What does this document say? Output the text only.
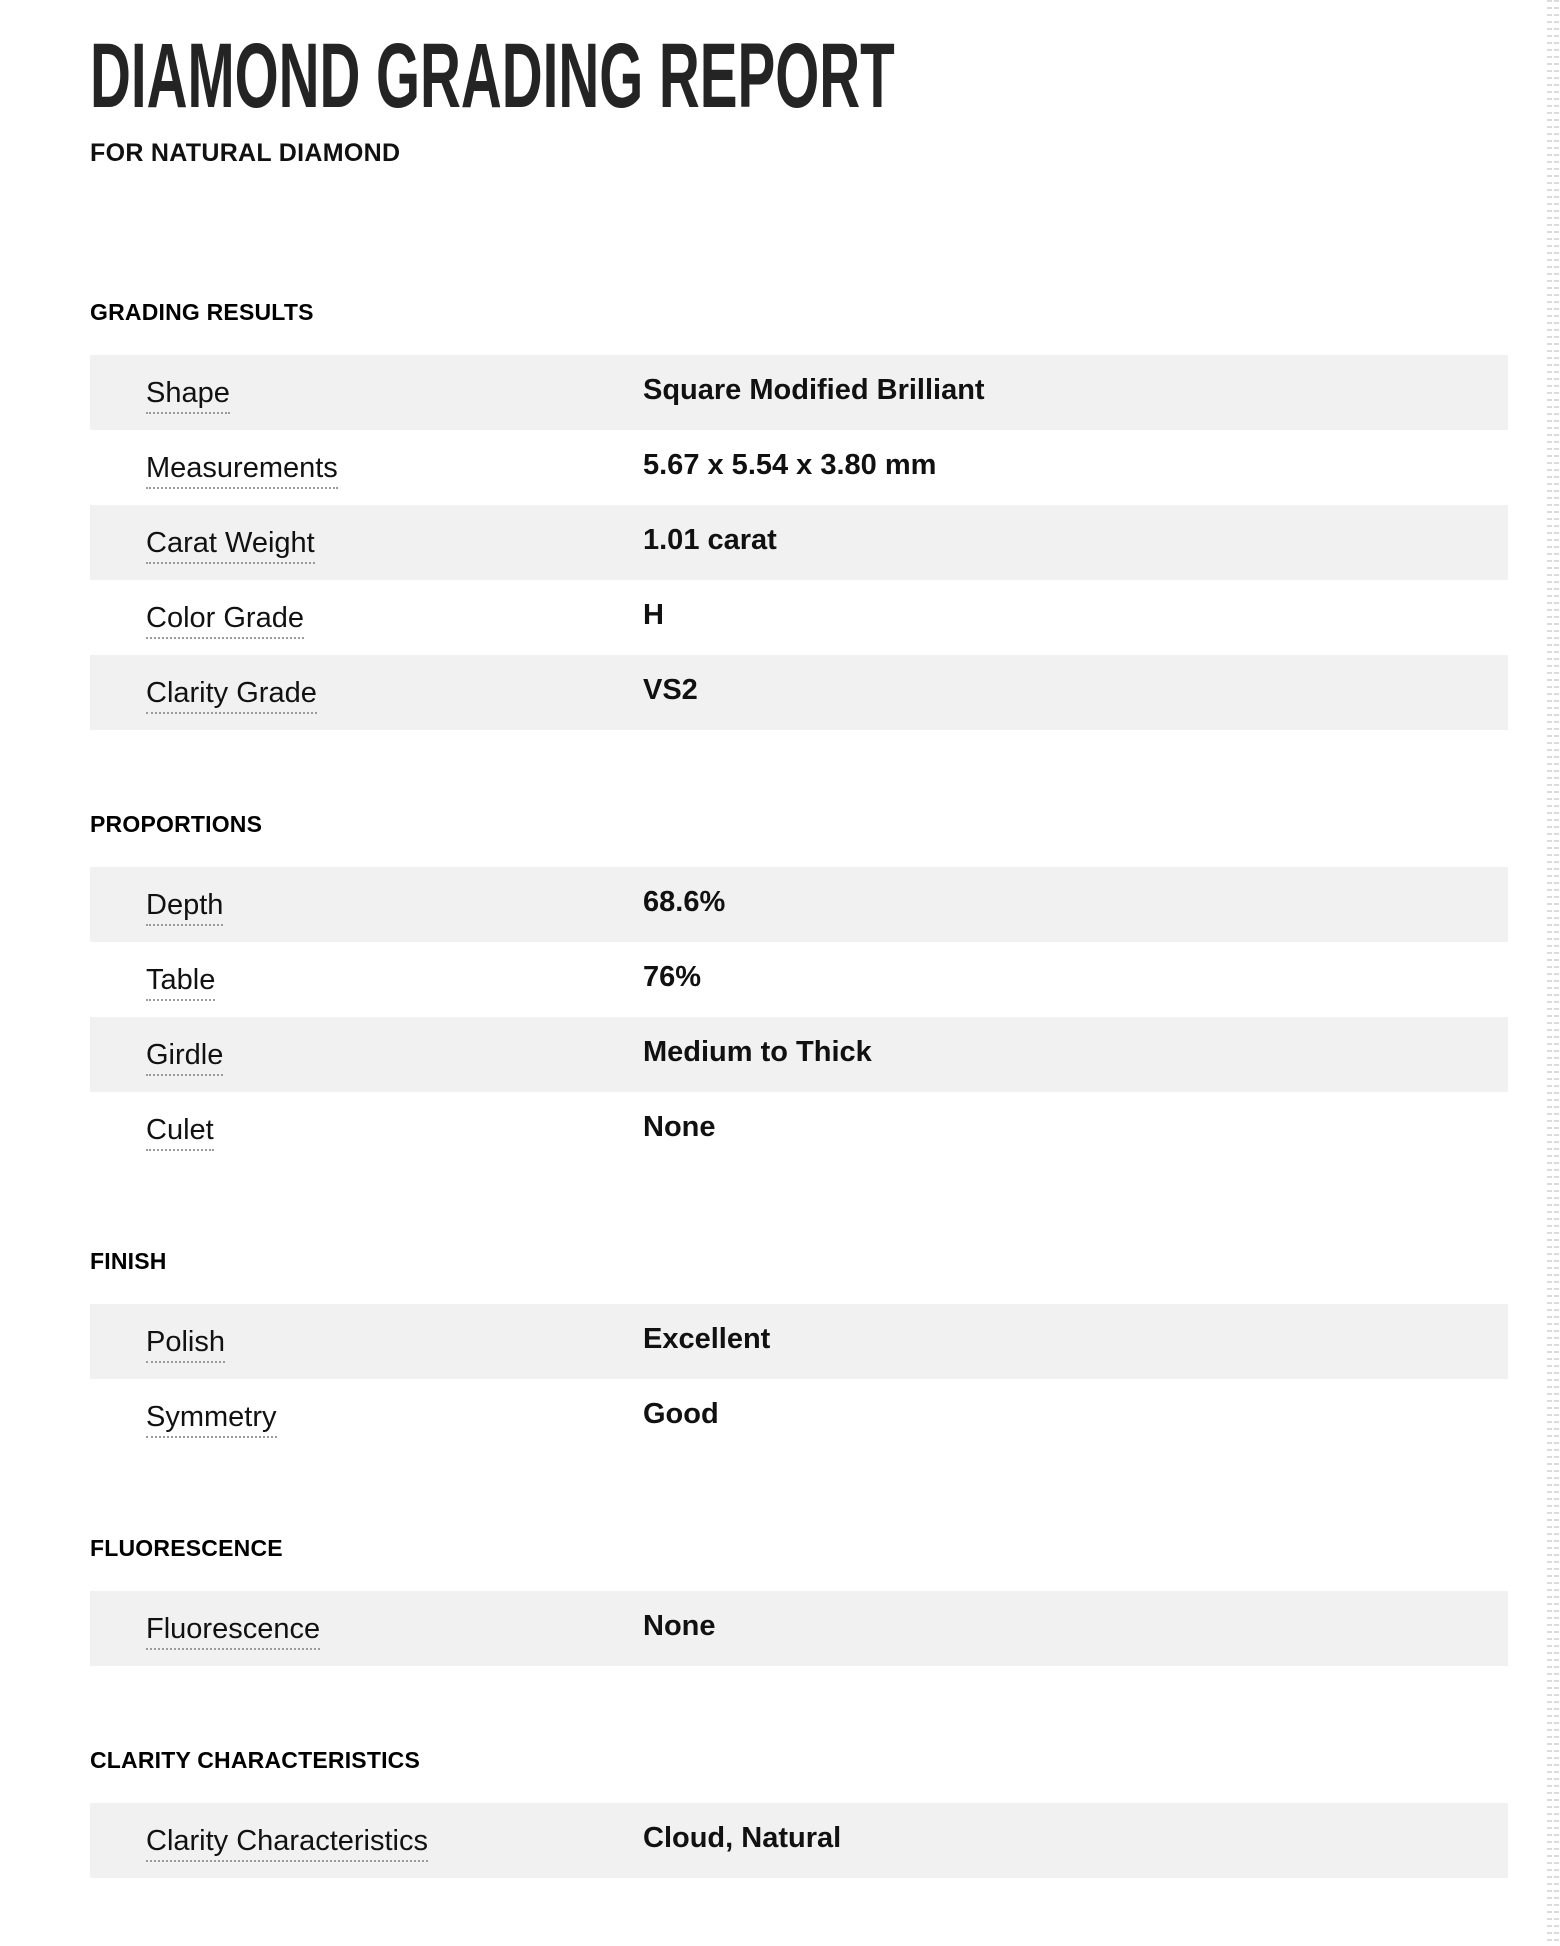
DIAMOND GRADING REPORT
FOR NATURAL DIAMOND
GRADING RESULTS
Shape	Square Modified Brilliant
Measurements	5.67 x 5.54 x 3.80 mm
Carat Weight	1.01 carat
Color Grade	H
Clarity Grade	VS2
PROPORTIONS
Depth	68.6%
Table	76%
Girdle	Medium to Thick
Culet	None
FINISH
Polish	Excellent
Symmetry	Good
FLUORESCENCE
Fluorescence	None
CLARITY CHARACTERISTICS
Clarity Characteristics	Cloud, Natural
